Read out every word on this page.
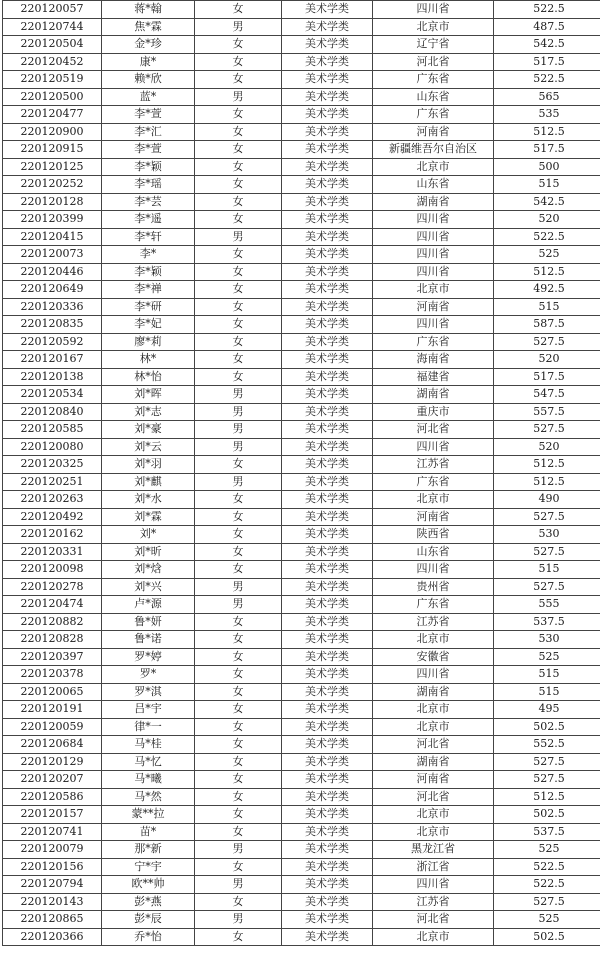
220120057	蒋*翰	女	美术学类	四川省	522.5
220120744	焦*霖	男	美术学类	北京市	487.5
220120504	金*珍	女	美术学类	辽宁省	542.5
220120452	康*	女	美术学类	河北省	517.5
220120519	赖*欣	女	美术学类	广东省	522.5
220120500	蓝*	男	美术学类	山东省	565
220120477	李*萱	女	美术学类	广东省	535
220120900	李*汇	女	美术学类	河南省	512.5
220120915	李*萱	女	美术学类	新疆维吾尔自治区	517.5
220120125	李*颖	女	美术学类	北京市	500
220120252	李*瑶	女	美术学类	山东省	515
220120128	李*芸	女	美术学类	湖南省	542.5
220120399	李*遥	女	美术学类	四川省	520
220120415	李*轩	男	美术学类	四川省	522.5
220120073	李*	女	美术学类	四川省	525
220120446	李*颖	女	美术学类	四川省	512.5
220120649	李*禅	女	美术学类	北京市	492.5
220120336	李*研	女	美术学类	河南省	515
220120835	李*妃	女	美术学类	四川省	587.5
220120592	廖*莉	女	美术学类	广东省	527.5
220120167	林*	女	美术学类	海南省	520
220120138	林*怡	女	美术学类	福建省	517.5
220120534	刘*晖	男	美术学类	湖南省	547.5
220120840	刘*志	男	美术学类	重庆市	557.5
220120585	刘*豪	男	美术学类	河北省	527.5
220120080	刘*云	男	美术学类	四川省	520
220120325	刘*羽	女	美术学类	江苏省	512.5
220120251	刘*麒	男	美术学类	广东省	512.5
220120263	刘*水	女	美术学类	北京市	490
220120492	刘*霖	女	美术学类	河南省	527.5
220120162	刘*	女	美术学类	陕西省	530
220120331	刘*昕	女	美术学类	山东省	527.5
220120098	刘*焓	女	美术学类	四川省	515
220120278	刘*兴	男	美术学类	贵州省	527.5
220120474	卢*源	男	美术学类	广东省	555
220120882	鲁*妍	女	美术学类	江苏省	537.5
220120828	鲁*诺	女	美术学类	北京市	530
220120397	罗*婷	女	美术学类	安徽省	525
220120378	罗*	女	美术学类	四川省	515
220120065	罗*淇	女	美术学类	湖南省	515
220120191	吕*宇	女	美术学类	北京市	495
220120059	律*一	女	美术学类	北京市	502.5
220120684	马*桂	女	美术学类	河北省	552.5
220120129	马*忆	女	美术学类	湖南省	527.5
220120207	马*曦	女	美术学类	河南省	527.5
220120586	马*然	女	美术学类	河北省	512.5
220120157	蒙**拉	女	美术学类	北京市	502.5
220120741	苗*	女	美术学类	北京市	537.5
220120079	那*新	男	美术学类	黑龙江省	525
220120156	宁*宇	女	美术学类	浙江省	522.5
220120794	欧**帅	男	美术学类	四川省	522.5
220120143	彭*燕	女	美术学类	江苏省	527.5
220120865	彭*辰	男	美术学类	河北省	525
220120366	乔*怡	女	美术学类	北京市	502.5
